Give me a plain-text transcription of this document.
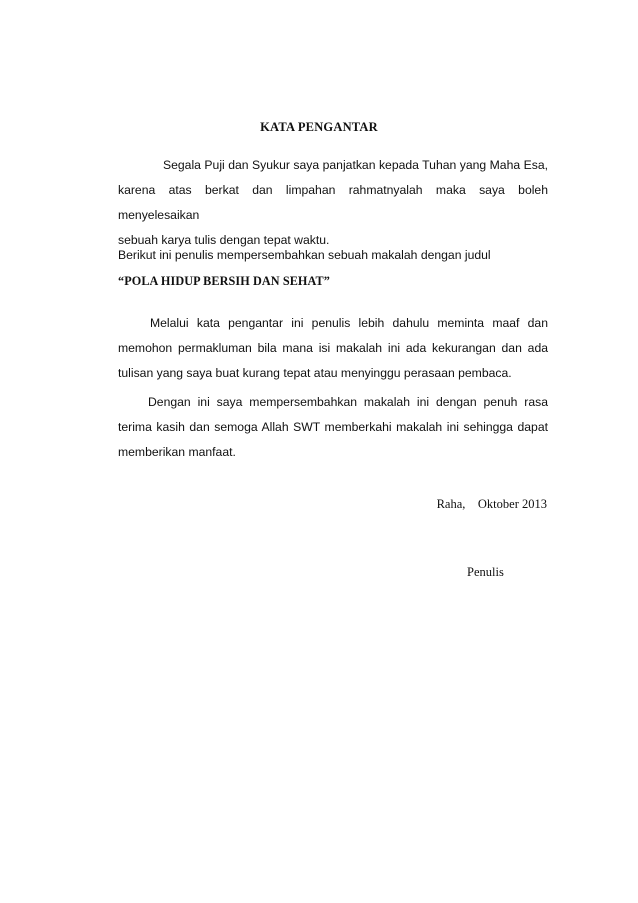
KATA PENGANTAR
Segala Puji dan Syukur saya panjatkan kepada Tuhan yang Maha Esa,
karena atas berkat dan limpahan rahmatnyalah maka saya boleh menyelesaikan
sebuah karya tulis dengan tepat waktu.
Berikut ini penulis mempersembahkan sebuah makalah dengan judul
“POLA HIDUP BERSIH DAN SEHAT”
Melalui kata pengantar ini penulis lebih dahulu meminta maaf dan
memohon permakluman bila mana isi makalah ini ada kekurangan dan ada
tulisan yang saya buat kurang tepat atau menyinggu perasaan pembaca.
Dengan ini saya mempersembahkan makalah ini dengan penuh rasa
terima kasih dan semoga Allah SWT memberkahi makalah ini sehingga dapat
memberikan manfaat.
Raha,    Oktober 2013
Penulis
